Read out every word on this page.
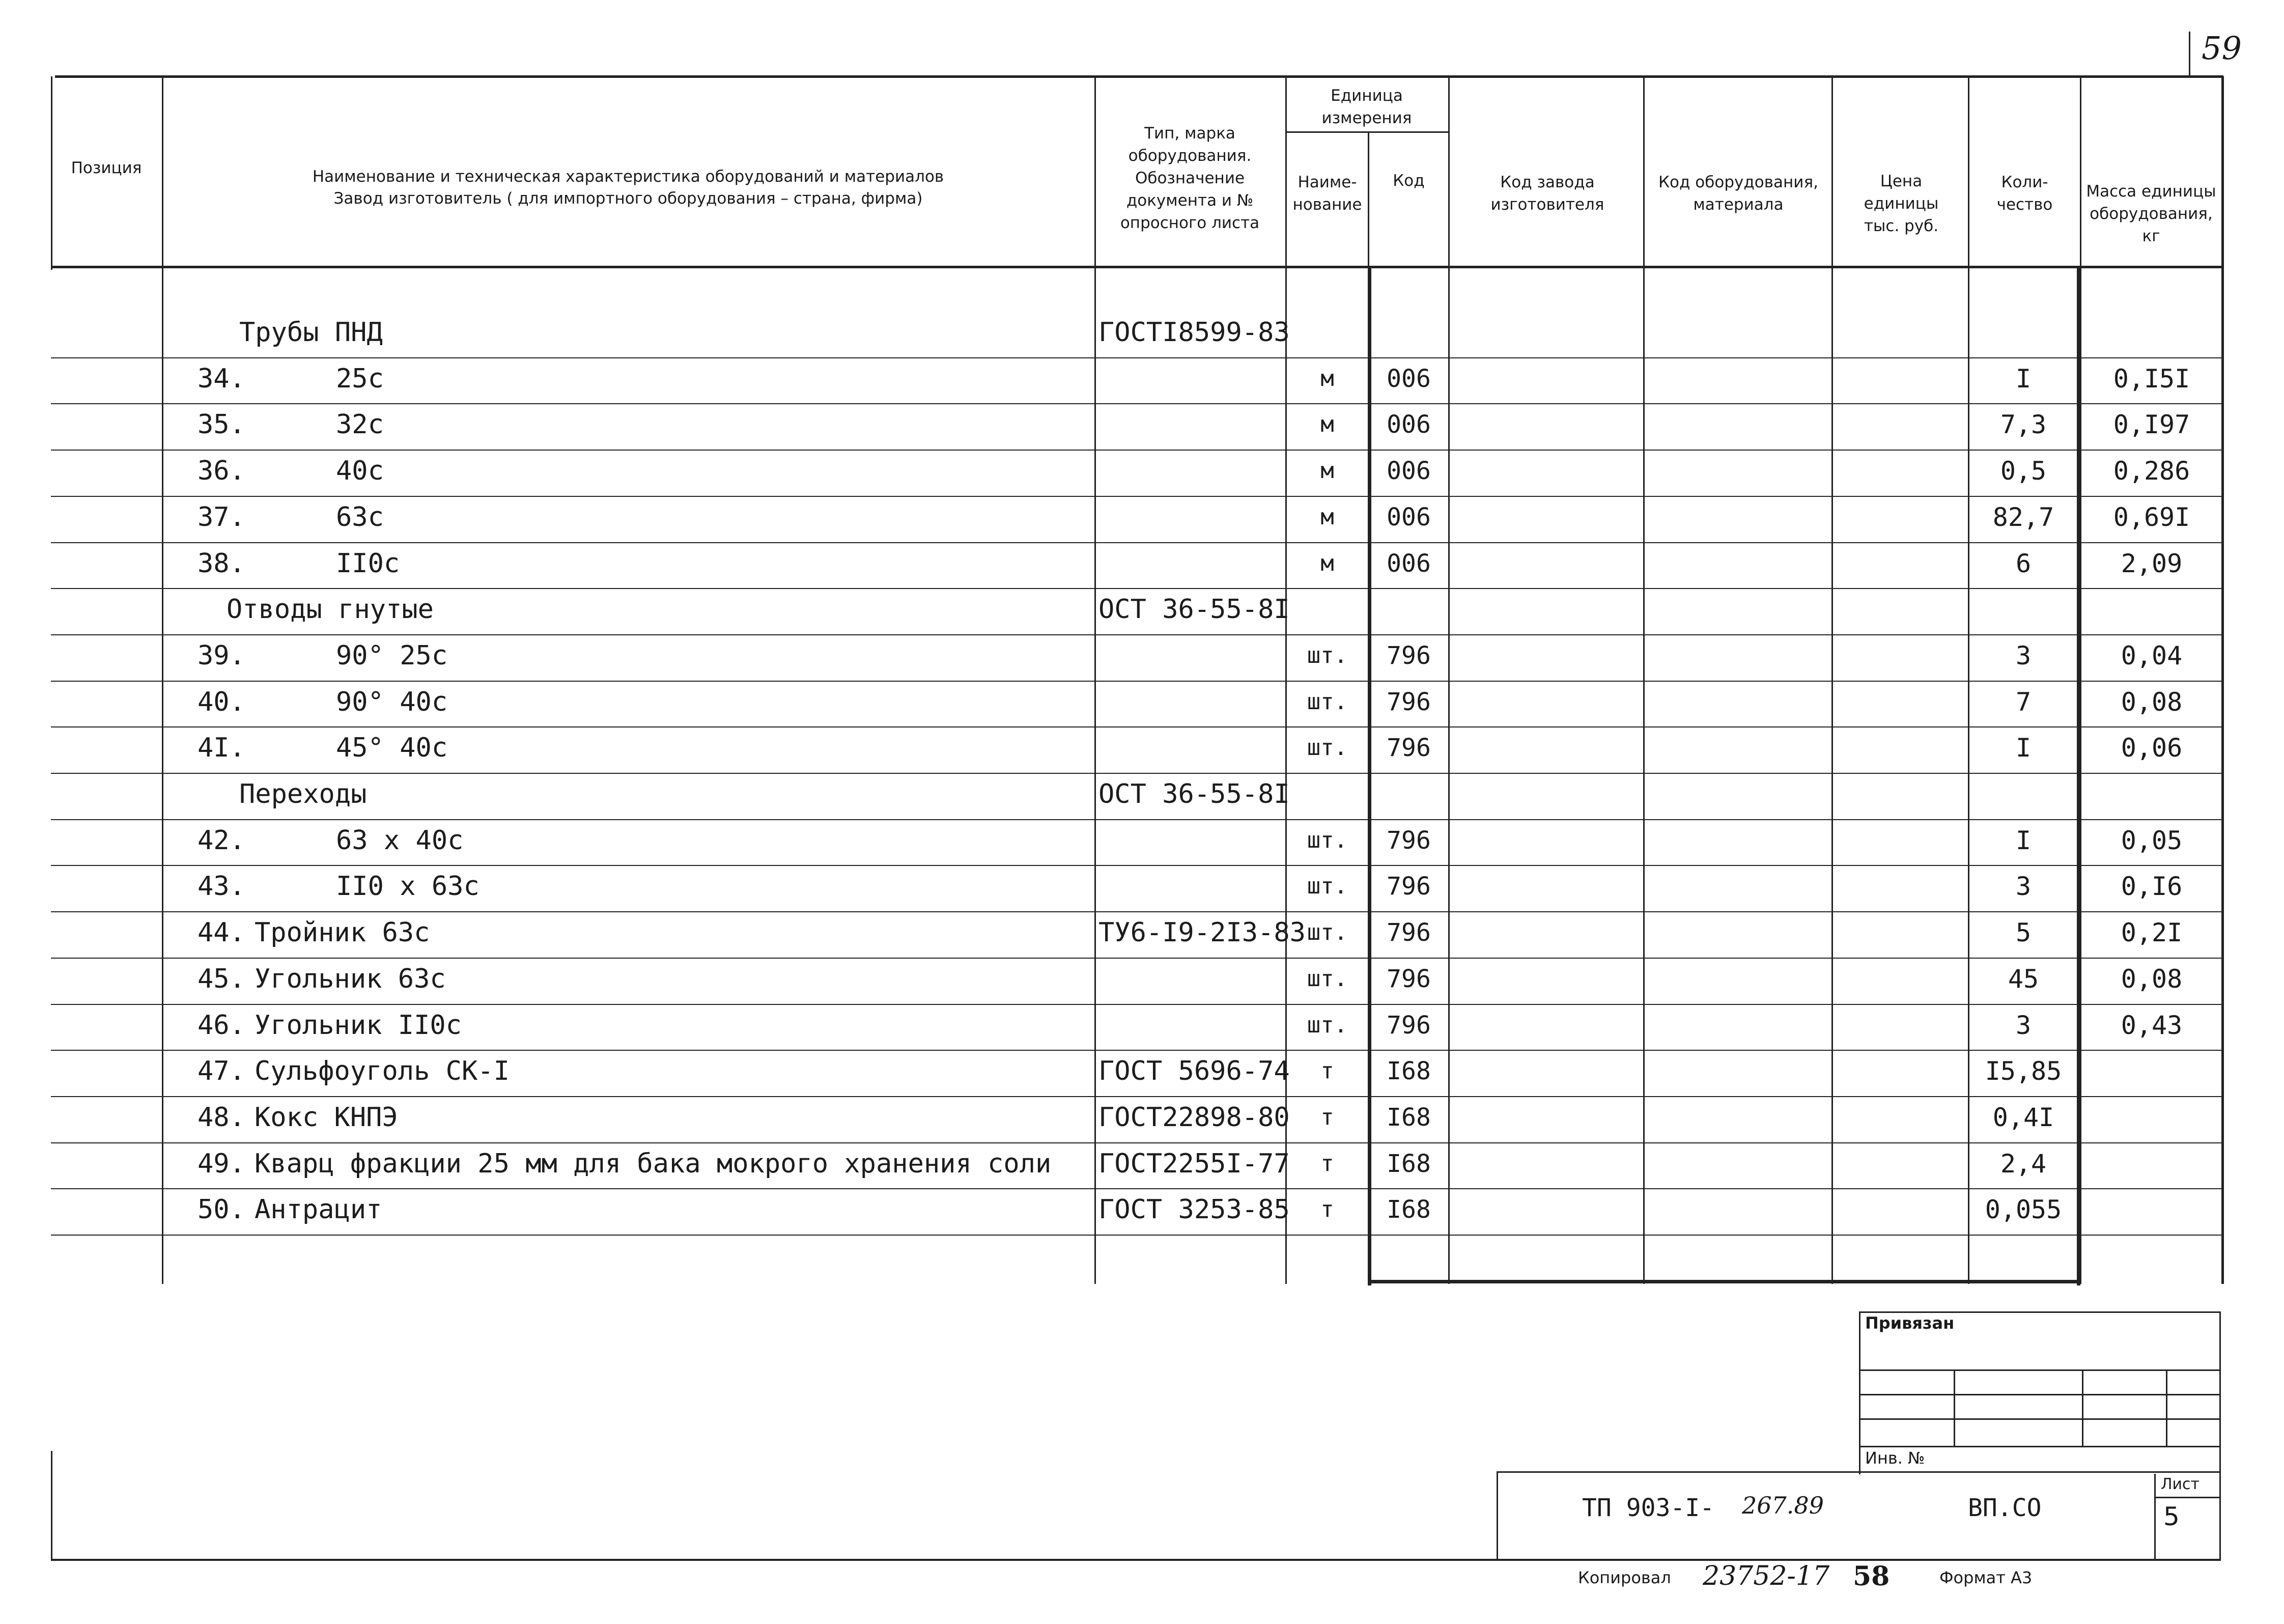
59
Позиция	Наименование и техническая характеристика оборудований и материалов
Завод изготовитель ( для импортного оборудования – страна, фирма)
Тип, марка оборудования. Обозначение документа и № опросного листа
Единица измерения
Наиме-нование
Код	Код завода изготовителя
Код оборудования, материала
Цена единицы тыс. руб.
Коли-чество
Масса единицы оборудования, кг
Трубы ПНД	ГОСТI8599-83
34.	25с	м	006	I	0,I5I
35.	32с	м	006	7,3	0,I97
36.	40с	м	006	0,5	0,286
37.	63с	м	006	82,7	0,69I
38.	II0с	м	006	6	2,09
Отводы гнутые	ОСТ 36-55-8I
39.	90° 25с	шт.	796	3	0,04
40.	90° 40с	шт.	796	7	0,08
4I.	45° 40с	шт.	796	I	0,06
Переходы	ОСТ 36-55-8I
42.	63 х 40с	шт.	796	I	0,05
43.	II0 х 63с	шт.	796	3	0,I6
44. Тройник 63с	ТУ6-I9-2I3-83 шт.	796	5	0,2I
45. Угольник 63с	шт.	796	45	0,08
46. Угольник II0с	шт.	796	3	0,43
47. Сульфоуголь СК-I	ГОСТ 5696-74	т	I68	I5,85
48. Кокс КНПЭ	ГОСТ22898-80	т	I68	0,4I
49. Кварц фракции 25 мм для бака мокрого хранения соли ГОСТ2255I-77	т	I68	2,4
50. Антрацит	ГОСТ 3253-85	т	I68	0,055
Привязан
Инв. №
ТП 903-I- 267.89	ВП.СО
Лист
5
Копировал 23752-17 58	Формат А3
